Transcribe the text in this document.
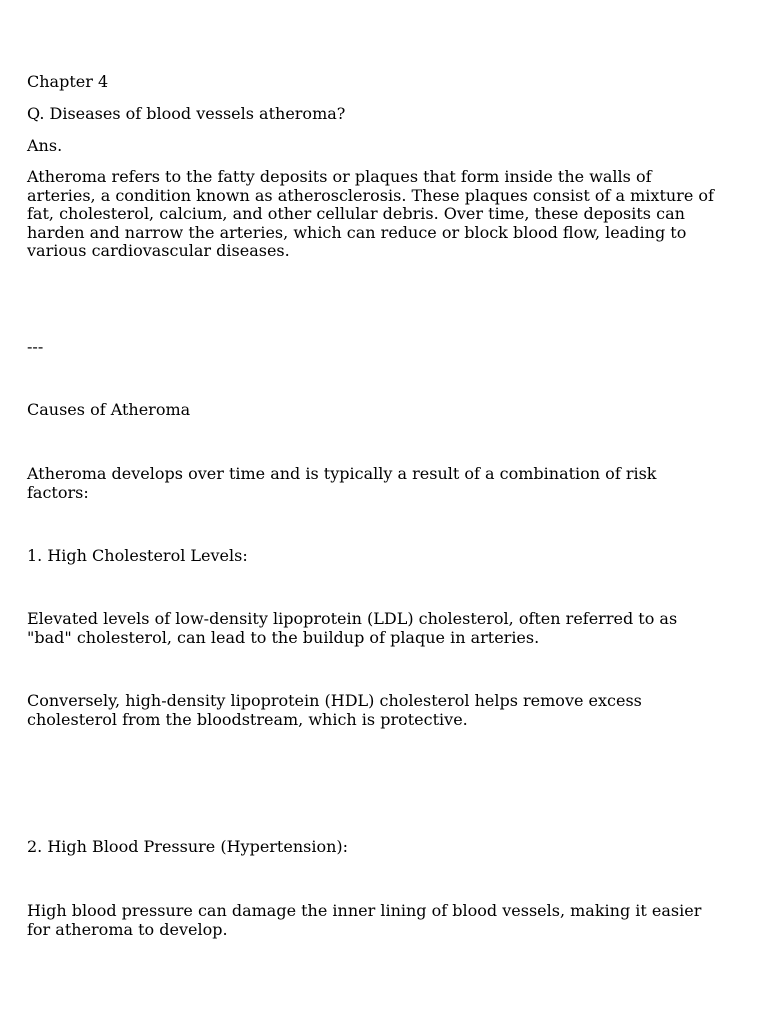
Chapter 4

Q. Diseases of blood vessels atheroma?

Ans.

Atheroma refers to the fatty deposits or plaques that form inside the walls of arteries, a condition known as atherosclerosis. These plaques consist of a mixture of fat, cholesterol, calcium, and other cellular debris. Over time, these deposits can harden and narrow the arteries, which can reduce or block blood flow, leading to various cardiovascular diseases.

---

Causes of Atheroma

Atheroma develops over time and is typically a result of a combination of risk factors:

1. High Cholesterol Levels:

Elevated levels of low-density lipoprotein (LDL) cholesterol, often referred to as "bad" cholesterol, can lead to the buildup of plaque in arteries.

Conversely, high-density lipoprotein (HDL) cholesterol helps remove excess cholesterol from the bloodstream, which is protective.

2. High Blood Pressure (Hypertension):

High blood pressure can damage the inner lining of blood vessels, making it easier for atheroma to develop.
